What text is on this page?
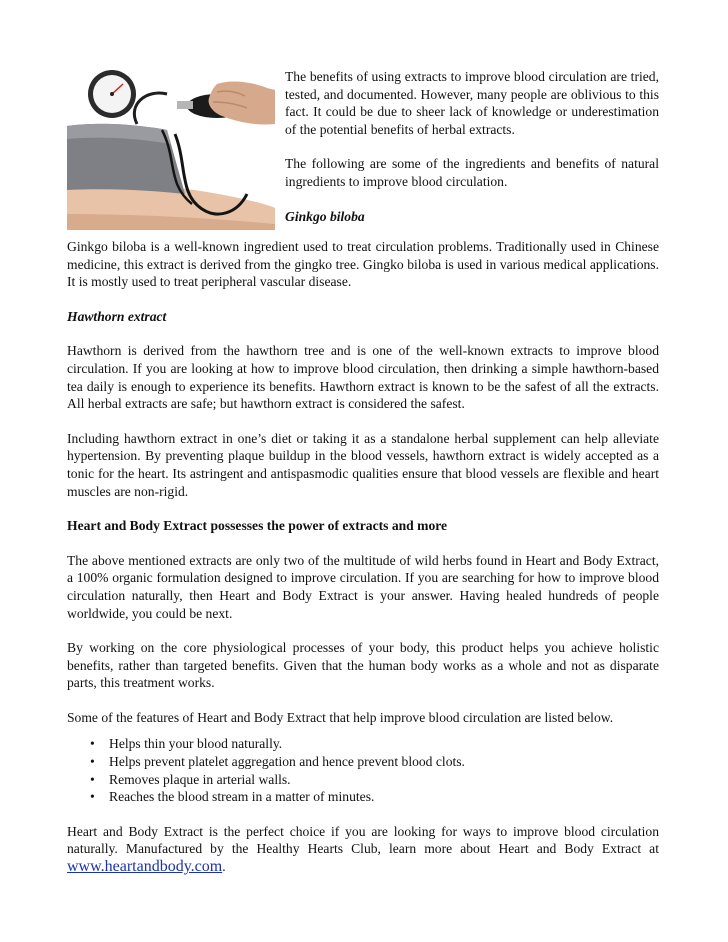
The benefits of using extracts to improve blood circulation are tried, tested, and documented. However, many people are oblivious to this fact. It could be due to sheer lack of knowledge or underestimation of the potential benefits of herbal extracts.

The following are some of the ingredients and benefits of natural ingredients to improve blood circulation.

Ginkgo biloba

Ginkgo biloba is a well-known ingredient used to treat circulation problems. Traditionally used in Chinese medicine, this extract is derived from the gingko tree. Gingko biloba is used in various medical applications. It is mostly used to treat peripheral vascular disease.

Hawthorn extract

Hawthorn is derived from the hawthorn tree and is one of the well-known extracts to improve blood circulation. If you are looking at how to improve blood circulation, then drinking a simple hawthorn-based tea daily is enough to experience its benefits. Hawthorn extract is known to be the safest of all the extracts. All herbal extracts are safe; but hawthorn extract is considered the safest.

Including hawthorn extract in one’s diet or taking it as a standalone herbal supplement can help alleviate hypertension. By preventing plaque buildup in the blood vessels, hawthorn extract is widely accepted as a tonic for the heart. Its astringent and antispasmodic qualities ensure that blood vessels are flexible and heart muscles are non-rigid.

Heart and Body Extract possesses the power of extracts and more

The above mentioned extracts are only two of the multitude of wild herbs found in Heart and Body Extract, a 100% organic formulation designed to improve circulation. If you are searching for how to improve blood circulation naturally, then Heart and Body Extract is your answer. Having healed hundreds of people worldwide, you could be next.

By working on the core physiological processes of your body, this product helps you achieve holistic benefits, rather than targeted benefits. Given that the human body works as a whole and not as disparate parts, this treatment works.

Some of the features of Heart and Body Extract that help improve blood circulation are listed below.

• Helps thin your blood naturally.
• Helps prevent platelet aggregation and hence prevent blood clots.
• Removes plaque in arterial walls.
• Reaches the blood stream in a matter of minutes.

Heart and Body Extract is the perfect choice if you are looking for ways to improve blood circulation naturally. Manufactured by the Healthy Hearts Club, learn more about Heart and Body Extract at www.heartandbody.com.
